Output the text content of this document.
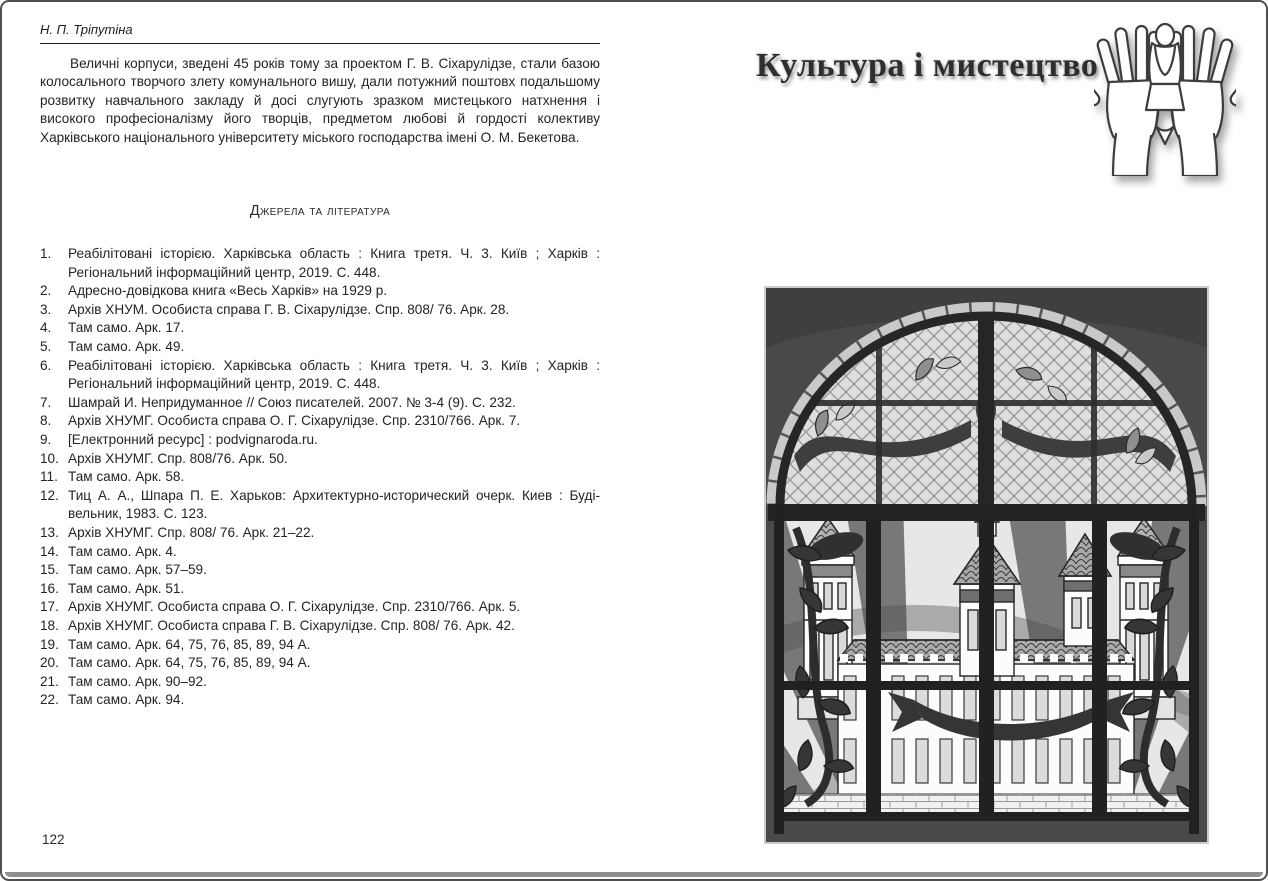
Н. П. Тріпутіна

Величні корпуси, зведені 45 років тому за проектом Г. В. Сіхарулідзе, стали базою колосального творчого злету комунального вишу, дали потужний поштовх подальшому розвитку навчального закладу й досі слугують зразком мистецького натхнення і високого професіоналізму його творців, предметом любові й гордості колективу Харківського національного університету міського господарства імені О. М. Бекетова.

Джерела та література
1.	Реабілітовані історією. Харківська область : Книга третя. Ч. 3. Київ ; Харків : Регіональний інформаційний центр, 2019. С. 448.
2.	Адресно-довідкова книга «Весь Харків» на 1929 р.
3.	Архів ХНУМ. Особиста справа Г. В. Сіхарулідзе. Спр. 808/ 76. Арк. 28.
4.	Там само. Арк. 17.
5.	Там само. Арк. 49.
6.	Реабілітовані історією. Харківська область : Книга третя. Ч. 3. Київ ; Харків : Регіональний інформаційний центр, 2019. С. 448.
7.	Шамрай И. Непридуманное // Союз писателей. 2007. № 3-4 (9). С. 232.
8.	Архів ХНУМГ. Особиста справа О. Г. Сіхарулідзе. Спр. 2310/766. Арк. 7.
9.	[Електронний ресурс] : podvignaroda.ru.
10. Архів ХНУМГ. Спр. 808/76. Арк. 50.
11. Там само. Арк. 58.
12. Тиц А. А., Шпара П. Е. Харьков: Архитектурно-исторический очерк. Киев : Будівельник, 1983. С. 123.
13. Архів ХНУМГ. Спр. 808/ 76. Арк. 21–22.
14. Там само. Арк. 4.
15. Там само. Арк. 57–59.
16. Там само. Арк. 51.
17. Архів ХНУМГ. Особиста справа О. Г. Сіхарулідзе. Спр. 2310/766. Арк. 5.
18. Архів ХНУМГ. Особиста справа Г. В. Сіхарулідзе. Спр. 808/ 76. Арк. 42.
19. Там само. Арк. 64, 75, 76, 85, 89, 94 А.
20. Там само. Арк. 64, 75, 76, 85, 89, 94 А.
21. Там само. Арк. 90–92.
22. Там само. Арк. 94.
122
Культура і мистецтво
